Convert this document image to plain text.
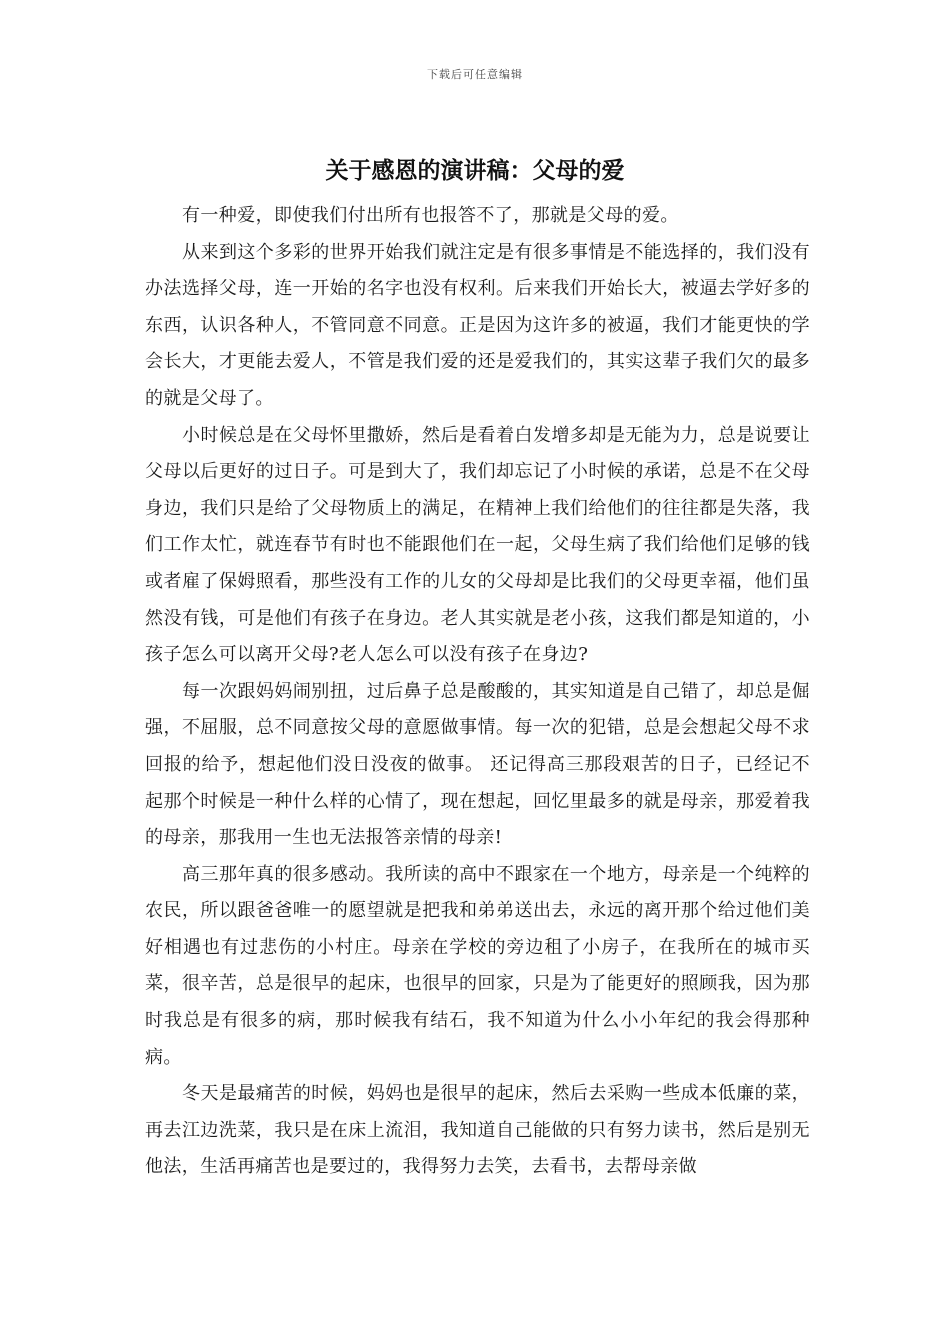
下载后可任意编辑
关于感恩的演讲稿：父母的爱

有一种爱，即使我们付出所有也报答不了，那就是父母的爱。

从来到这个多彩的世界开始我们就注定是有很多事情是不能选择的，我们没有办法选择父母，连一开始的名字也没有权利。后来我们开始长大，被逼去学好多的东西，认识各种人，不管同意不同意。正是因为这许多的被逼，我们才能更快的学会长大，才更能去爱人，不管是我们爱的还是爱我们的，其实这辈子我们欠的最多的就是父母了。

小时候总是在父母怀里撒娇，然后是看着白发增多却是无能为力，总是说要让父母以后更好的过日子。可是到大了，我们却忘记了小时候的承诺，总是不在父母身边，我们只是给了父母物质上的满足，在精神上我们给他们的往往都是失落，我们工作太忙，就连春节有时也不能跟他们在一起，父母生病了我们给他们足够的钱或者雇了保姆照看，那些没有工作的儿女的父母却是比我们的父母更幸福，他们虽然没有钱，可是他们有孩子在身边。老人其实就是老小孩，这我们都是知道的，小孩子怎么可以离开父母?老人怎么可以没有孩子在身边?

每一次跟妈妈闹别扭，过后鼻子总是酸酸的，其实知道是自己错了，却总是倔强，不屈服，总不同意按父母的意愿做事情。每一次的犯错，总是会想起父母不求回报的给予，想起他们没日没夜的做事。 还记得高三那段艰苦的日子，已经记不起那个时候是一种什么样的心情了，现在想起，回忆里最多的就是母亲，那爱着我的母亲，那我用一生也无法报答亲情的母亲!

高三那年真的很多感动。我所读的高中不跟家在一个地方，母亲是一个纯粹的农民，所以跟爸爸唯一的愿望就是把我和弟弟送出去，永远的离开那个给过他们美好相遇也有过悲伤的小村庄。母亲在学校的旁边租了小房子，在我所在的城市买菜，很辛苦，总是很早的起床，也很早的回家，只是为了能更好的照顾我，因为那时我总是有很多的病，那时候我有结石，我不知道为什么小小年纪的我会得那种病。

冬天是最痛苦的时候，妈妈也是很早的起床，然后去采购一些成本低廉的菜，再去江边洗菜，我只是在床上流泪，我知道自己能做的只有努力读书，然后是别无他法，生活再痛苦也是要过的，我得努力去笑，去看书，去帮母亲做
